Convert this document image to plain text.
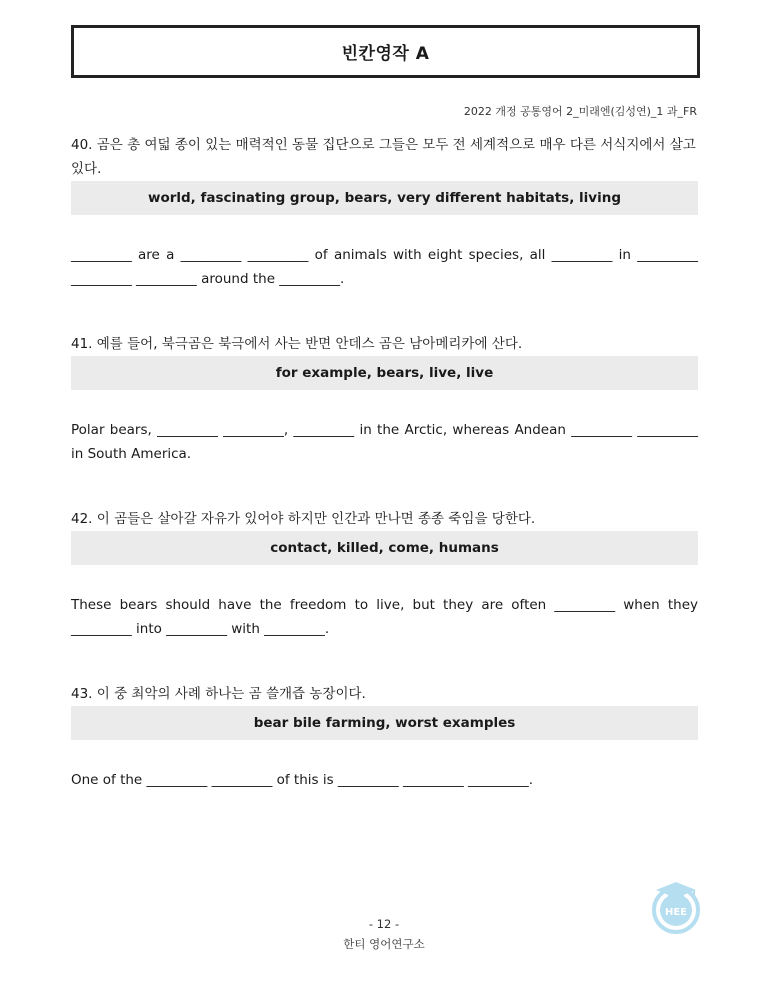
빈칸영작 A
2022 개정 공통영어 2_미래엔(김성연)_1 과_FR
40. 곰은 총 여덟 종이 있는 매력적인 동물 집단으로 그들은 모두 전 세계적으로 매우 다른 서식지에서 살고 있다.
world, fascinating group, bears, very different habitats, living
_________ are a _________ _________ of animals with eight species, all _________ in _________ _________ _________ around the _________.
41. 예를 들어, 북극곰은 북극에서 사는 반면 안데스 곰은 남아메리카에 산다.
for example, bears, live, live
Polar bears, _________ _________, _________ in the Arctic, whereas Andean _________ _________ in South America.
42. 이 곰들은 살아갈 자유가 있어야 하지만 인간과 만나면 종종 죽임을 당한다.
contact, killed, come, humans
These bears should have the freedom to live, but they are often _________ when they _________ into _________ with _________.
43. 이 중 최악의 사례 하나는 곰 쓸개즙 농장이다.
bear bile farming, worst examples
One of the _________ _________ of this is _________ _________ _________.
HEE
- 12 -
한티 영어연구소
